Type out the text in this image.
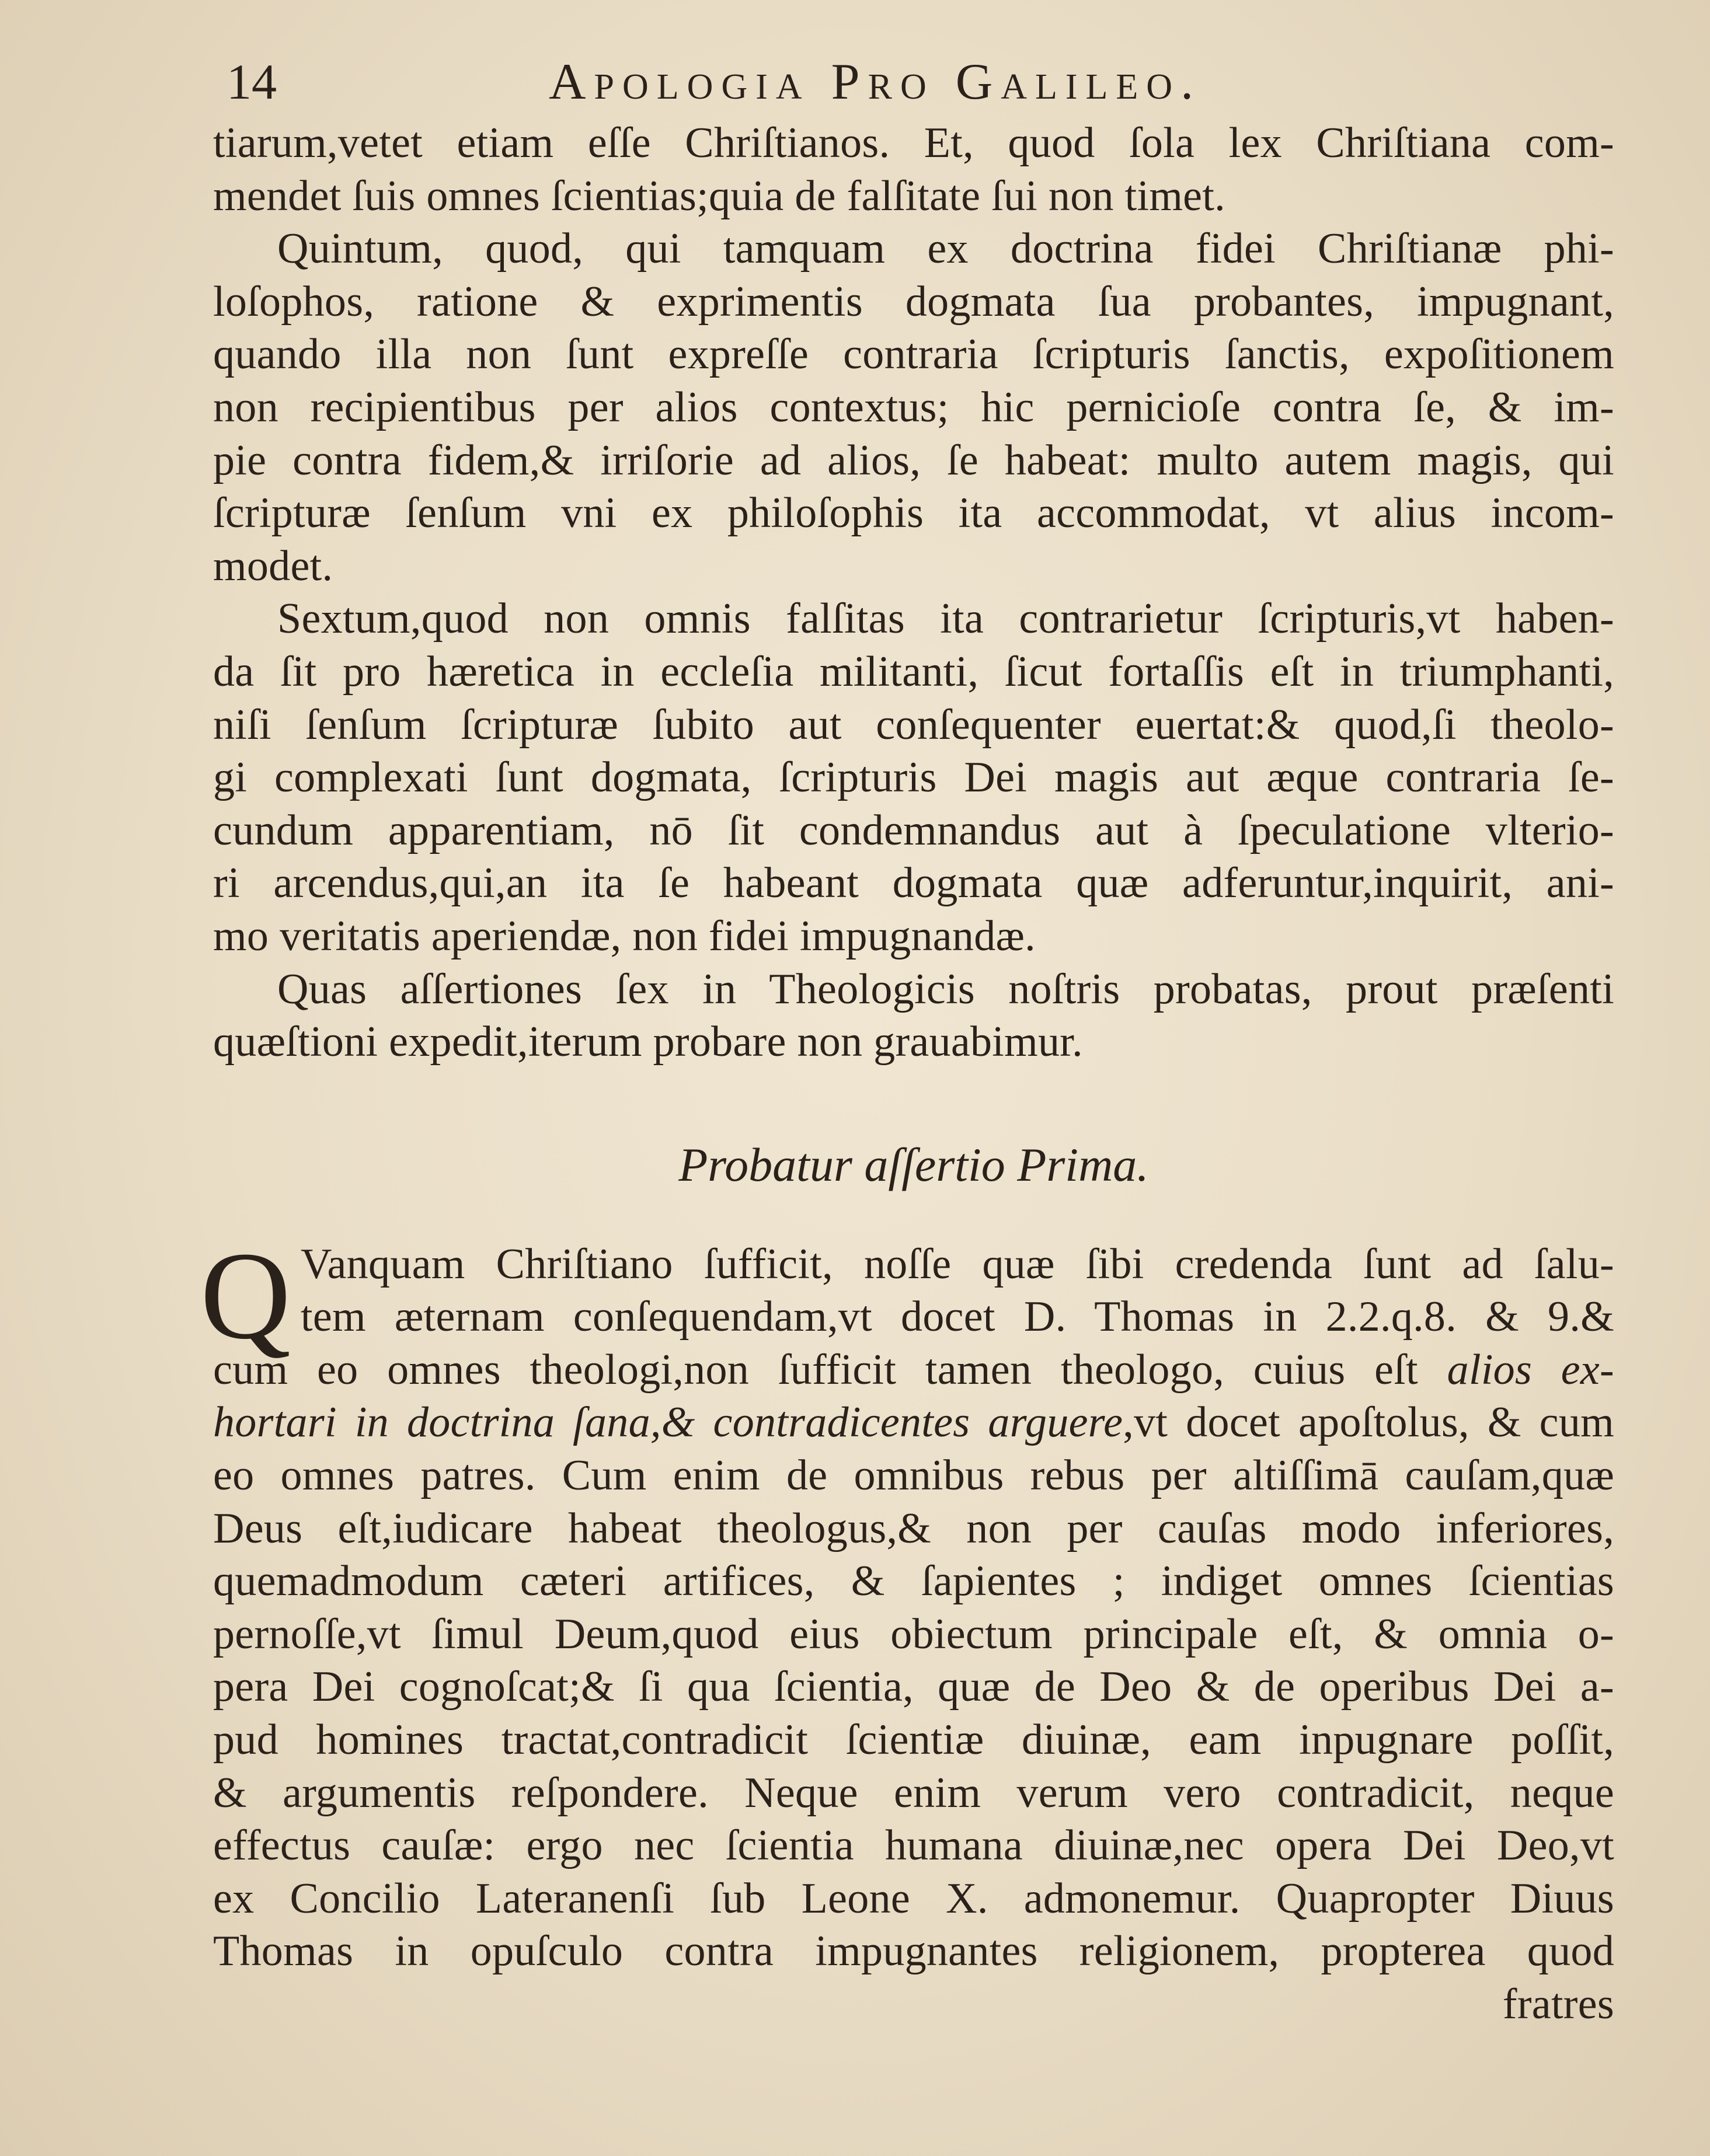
14	Apologia Pro Galileo.
tiarum,vetet etiam eſſe Chriſtianos. Et, quod ſola lex Chriſtiana com-
mendet ſuis omnes ſcientias;quia de falſitate ſui non timet.
Quintum, quod, qui tamquam ex doctrina fidei Chriſtianæ phi-
loſophos, ratione & exprimentis dogmata ſua probantes, impugnant,
quando illa non ſunt expreſſe contraria ſcripturis ſanctis, expoſitionem
non recipientibus per alios contextus; hic pernicioſe contra ſe, & im-
pie contra fidem,& irriſorie ad alios, ſe habeat: multo autem magis, qui
ſcripturæ ſenſum vni ex philoſophis ita accommodat, vt alius incom-
modet.
Sextum,quod non omnis falſitas ita contrarietur ſcripturis,vt haben-
da ſit pro hæretica in eccleſia militanti, ſicut fortaſſis eſt in triumphanti,
niſi ſenſum ſcripturæ ſubito aut conſequenter euertat:& quod,ſi theolo-
gi complexati ſunt dogmata, ſcripturis Dei magis aut æque contraria ſe-
cundum apparentiam, nō ſit condemnandus aut à ſpeculatione vlterio-
ri arcendus,qui,an ita ſe habeant dogmata quæ adferuntur,inquirit, ani-
mo veritatis aperiendæ, non fidei impugnandæ.
Quas aſſertiones ſex in Theologicis noſtris probatas, prout præſenti
quæſtioni expedit,iterum probare non grauabimur.
Probatur aſſertio Prima.
Q Vanquam Chriſtiano ſufficit, noſſe quæ ſibi credenda ſunt ad ſalu-
tem æternam conſequendam,vt docet D. Thomas in 2.2.q.8. & 9.&
cum eo omnes theologi,non ſufficit tamen theologo, cuius eſt alios ex-
hortari in doctrina ſana,& contradicentes arguere,vt docet apoſtolus, & cum
eo omnes patres. Cum enim de omnibus rebus per altiſſimā cauſam,quæ
Deus eſt,iudicare habeat theologus,& non per cauſas modo inferiores,
quemadmodum cæteri artifices, & ſapientes ; indiget omnes ſcientias
pernoſſe,vt ſimul Deum,quod eius obiectum principale eſt, & omnia o-
pera Dei cognoſcat;& ſi qua ſcientia, quæ de Deo & de operibus Dei a-
pud homines tractat,contradicit ſcientiæ diuinæ, eam inpugnare poſſit,
& argumentis reſpondere. Neque enim verum vero contradicit, neque
effectus cauſæ: ergo nec ſcientia humana diuinæ,nec opera Dei Deo,vt
ex Concilio Lateranenſi ſub Leone X. admonemur. Quapropter Diuus
Thomas in opuſculo contra impugnantes religionem, propterea quod
fratres
